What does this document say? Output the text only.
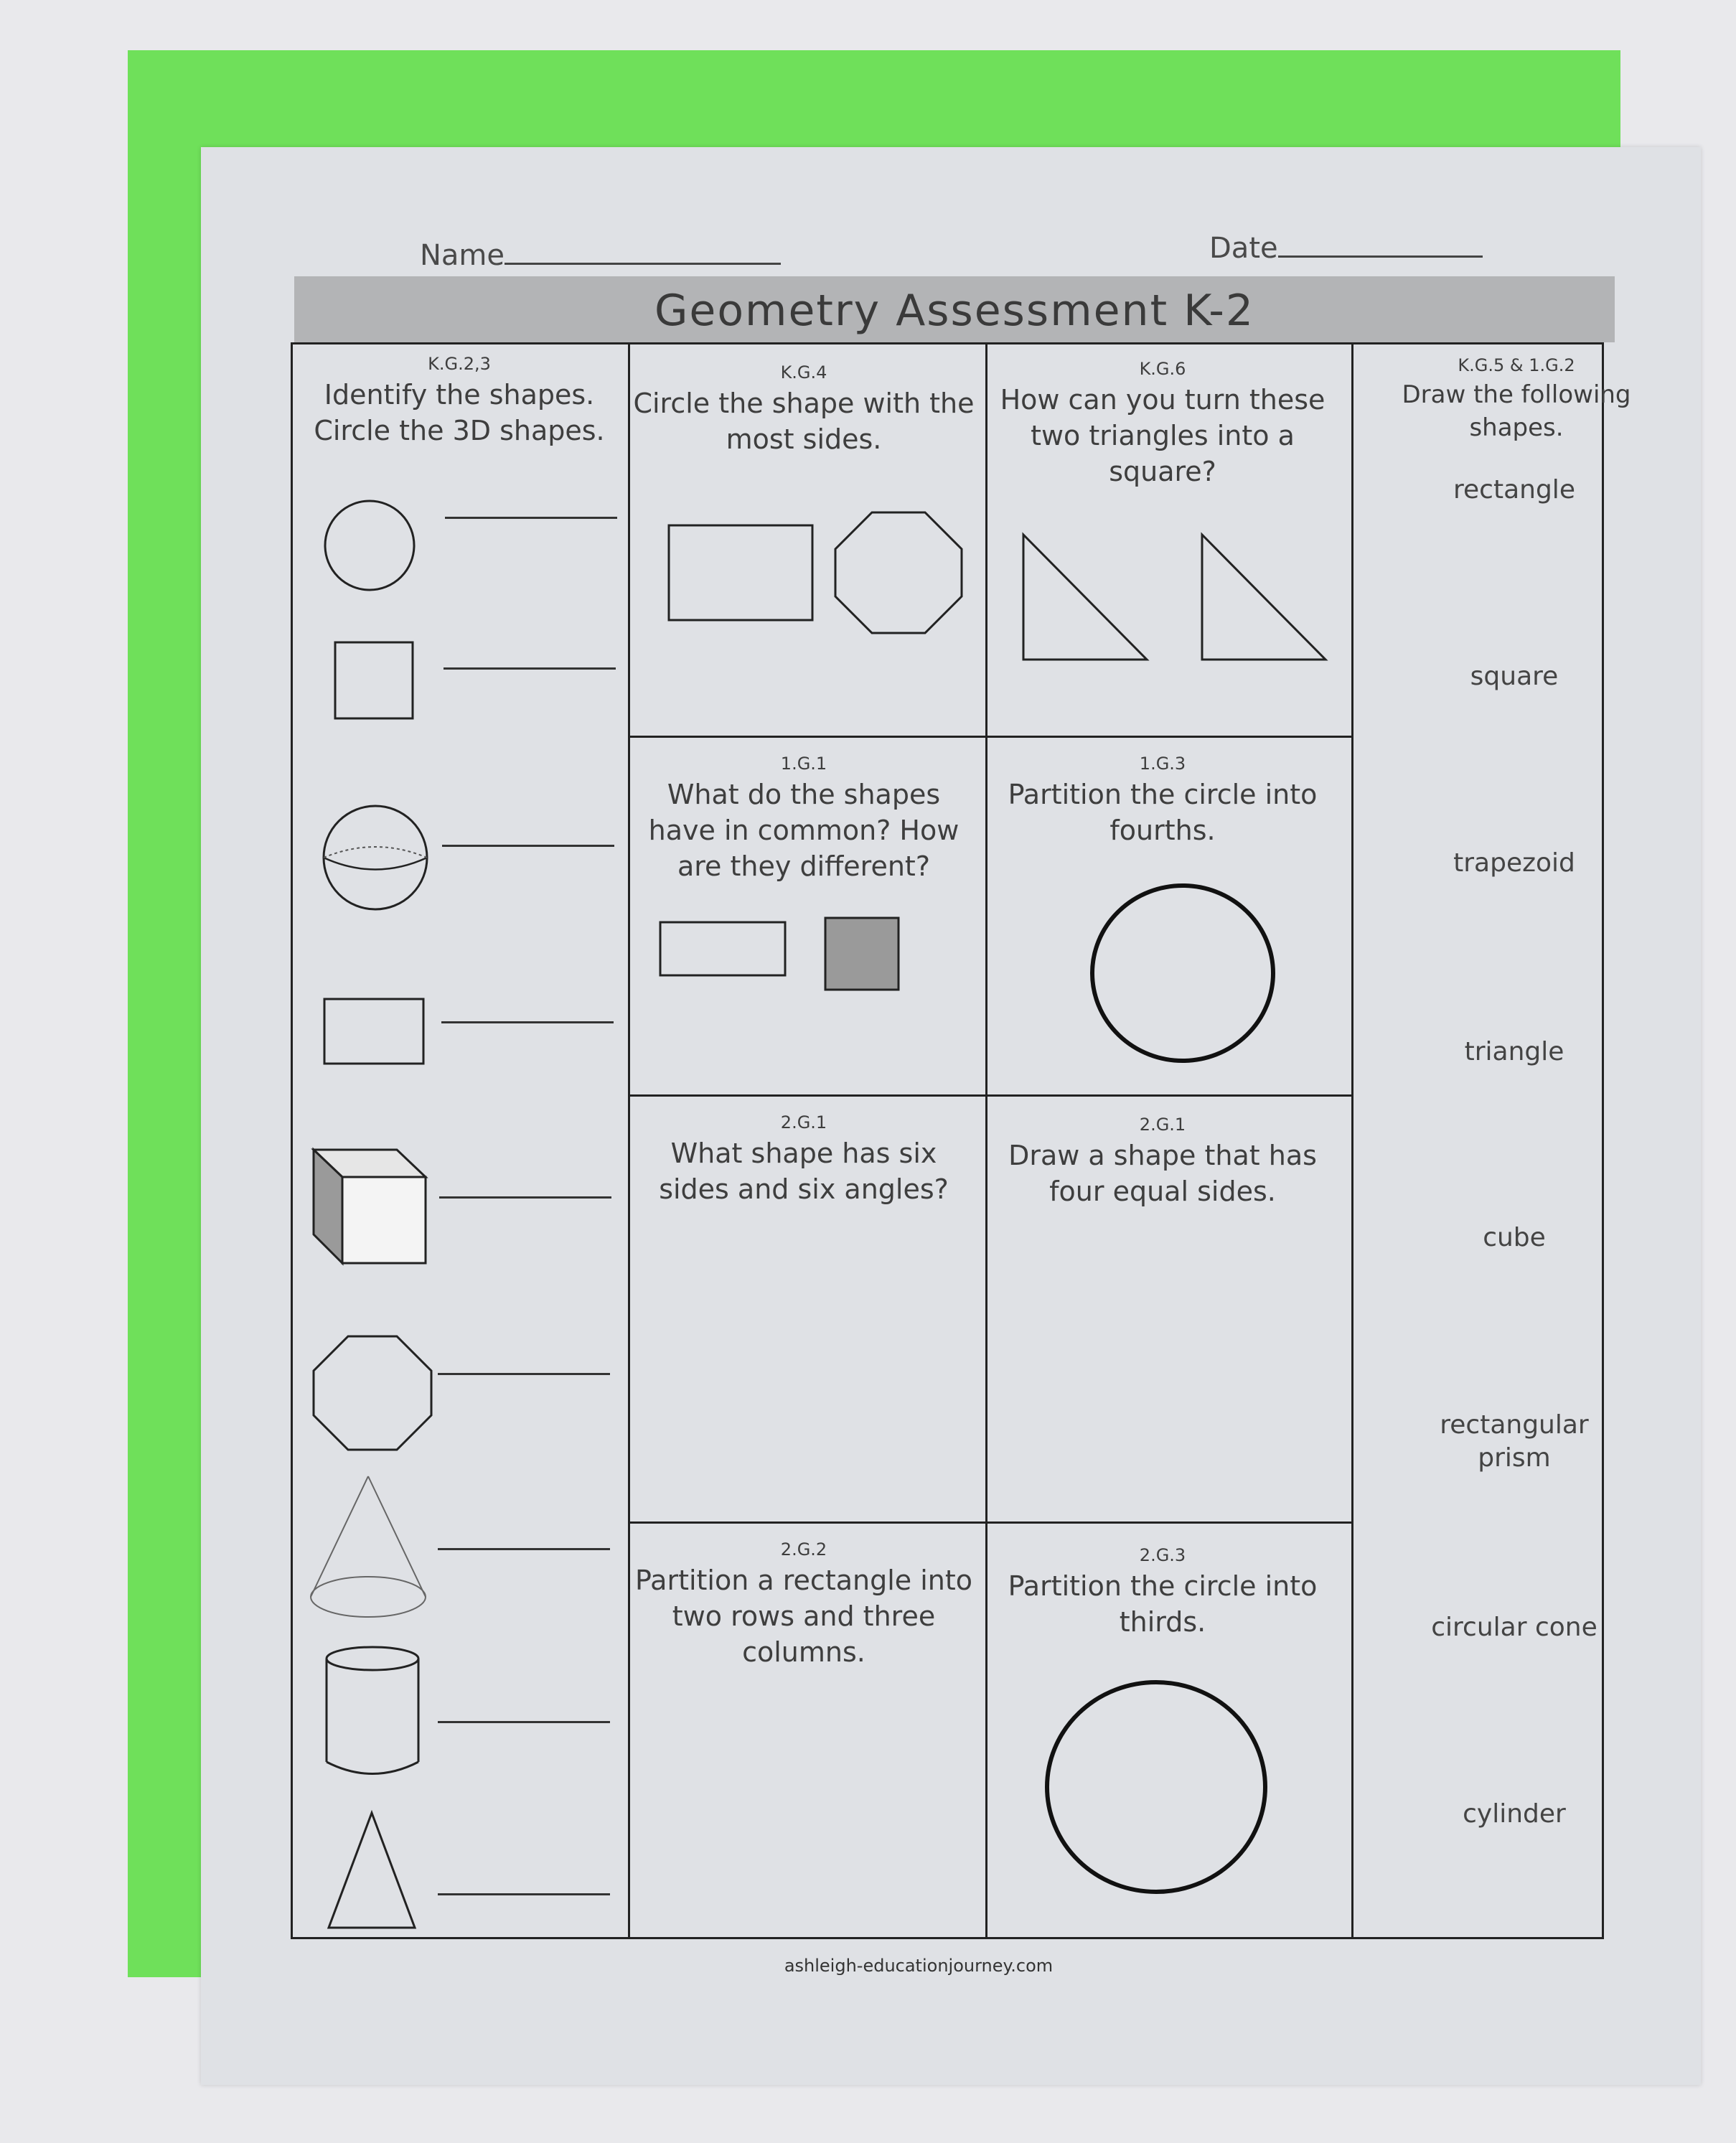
Name	Date
Geometry Assessment K-2
K.G.2,3
Identify the shapes. Circle the 3D shapes.
K.G.4
Circle the shape with the most sides.
K.G.6
How can you turn these two triangles into a square?
1.G.1
What do the shapes have in common? How are they different?
1.G.3
Partition the circle into fourths.
2.G.1
What shape has six sides and six angles?
2.G.1
Draw a shape that has four equal sides.
2.G.2
Partition a rectangle into two rows and three columns.
2.G.3
Partition the circle into thirds.
K.G.5 & 1.G.2
Draw the following shapes.
rectangle
square
trapezoid
triangle
cube
rectangular prism
circular cone
cylinder
ashleigh-educationjourney.com
